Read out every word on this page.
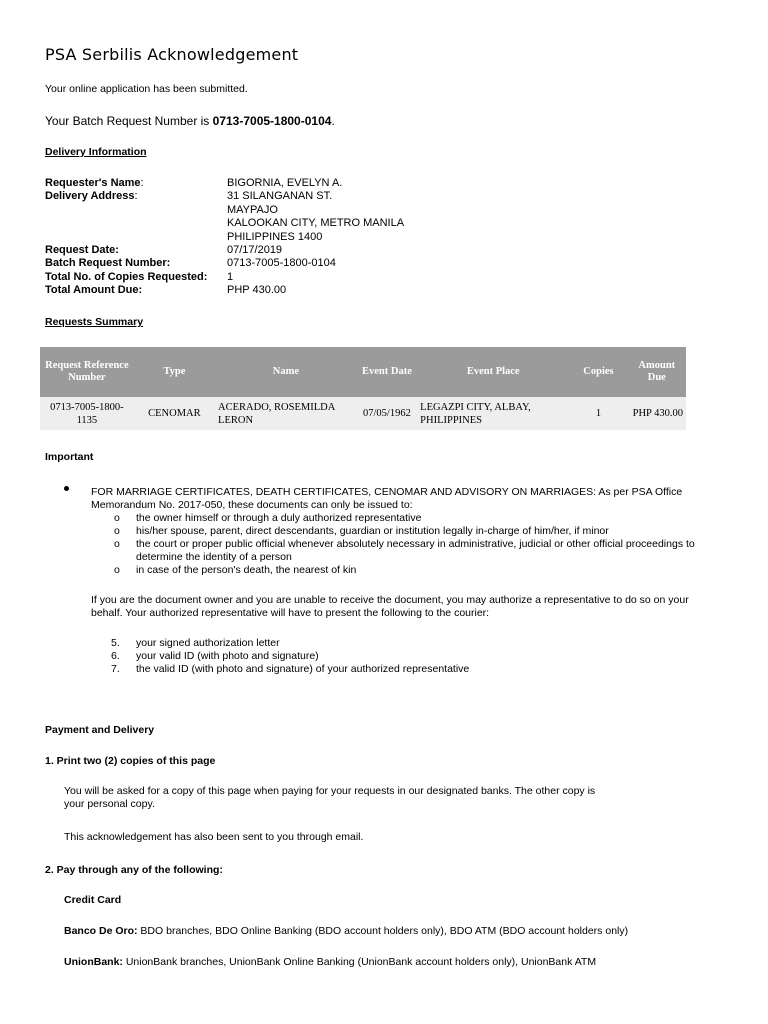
PSA Serbilis Acknowledgement
Your online application has been submitted.
Your Batch Request Number is 0713-7005-1800-0104.
Delivery Information
Requester's Name:	BIGORNIA, EVELYN A.
Delivery Address:	31 SILANGANAN ST.
MAYPAJO
KALOOKAN CITY, METRO MANILA
PHILIPPINES 1400
Request Date:	07/17/2019
Batch Request Number:	0713-7005-1800-0104
Total No. of Copies Requested:	1
Total Amount Due:	PHP 430.00
Requests Summary
Request Reference Number	Type	Name	Event Date	Event Place	Copies	Amount Due
0713-7005-1800-1135	CENOMAR	ACERADO, ROSEMILDA LERON	07/05/1962	LEGAZPI CITY, ALBAY, PHILIPPINES	1	PHP 430.00
Important
FOR MARRIAGE CERTIFICATES, DEATH CERTIFICATES, CENOMAR AND ADVISORY ON MARRIAGES: As per PSA Office Memorandum No. 2017-050, these documents can only be issued to:
o	the owner himself or through a duly authorized representative
o	his/her spouse, parent, direct descendants, guardian or institution legally in-charge of him/her, if minor
o	the court or proper public official whenever absolutely necessary in administrative, judicial or other official proceedings to determine the identity of a person
o	in case of the person's death, the nearest of kin
If you are the document owner and you are unable to receive the document, you may authorize a representative to do so on your behalf. Your authorized representative will have to present the following to the courier:
5.	your signed authorization letter
6.	your valid ID (with photo and signature)
7.	the valid ID (with photo and signature) of your authorized representative
Payment and Delivery
1. Print two (2) copies of this page
You will be asked for a copy of this page when paying for your requests in our designated banks. The other copy is your personal copy.
This acknowledgement has also been sent to you through email.
2. Pay through any of the following:
Credit Card
Banco De Oro: BDO branches, BDO Online Banking (BDO account holders only), BDO ATM (BDO account holders only)
UnionBank: UnionBank branches, UnionBank Online Banking (UnionBank account holders only), UnionBank ATM
